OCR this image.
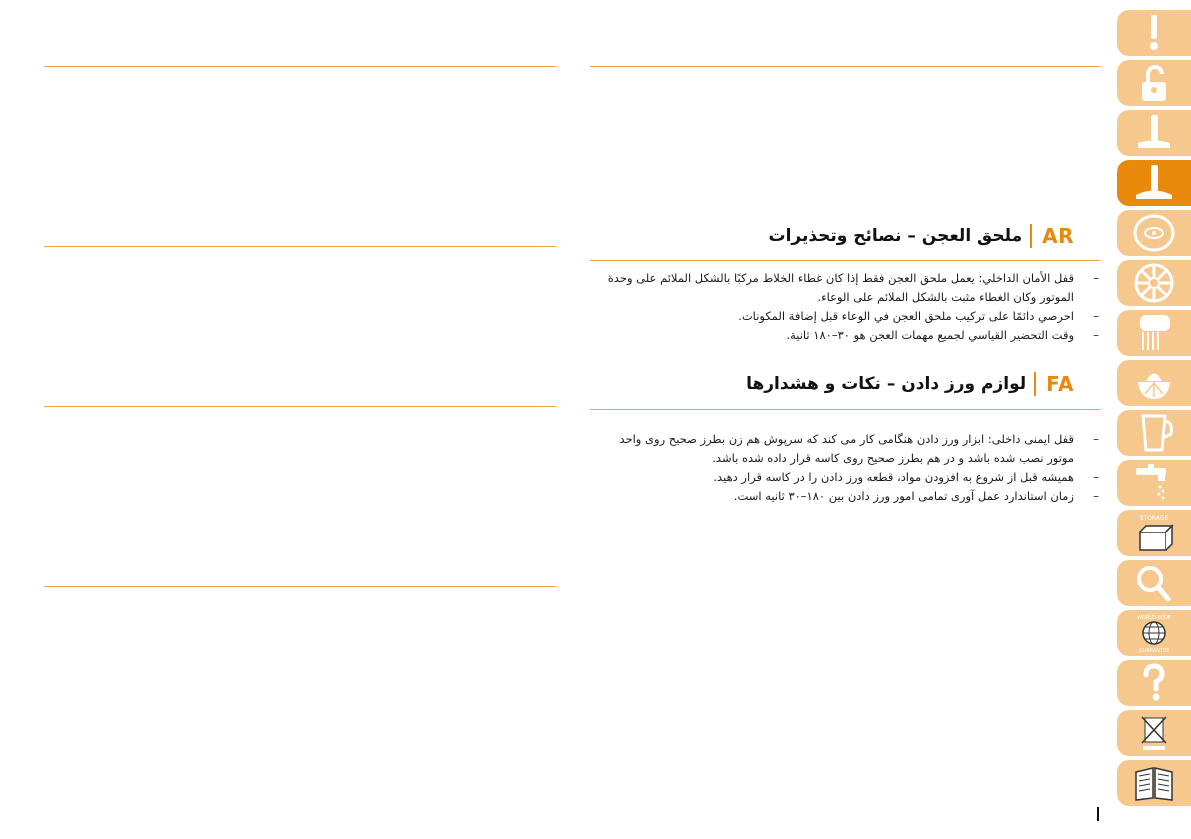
AR
ملحق العجن – نصائح وتحذيرات
– قفل الأمان الداخلي: يعمل ملحق العجن فقط إذا كان غطاء الخلاط مركبًا بالشكل الملائم على وحدة الموتور وكان الغطاء مثبت بالشكل الملائم على الوعاء.
– احرصي دائمًا على تركيب ملحق العجن في الوعاء قبل إضافة المكونات.
– وقت التحضير القياسي لجميع مهمات العجن هو ٣٠–١٨٠ ثانية.
FA
لوازم ورز دادن – نکات و هشدارها
– قفل ایمنی داخلی: ابزار ورز دادن هنگامی کار می کند که سرپوش هم زن بطرز صحیح روی واحد موتور نصب شده باشد و در هم بطرز صحیح روی کاسه قرار داده شده باشد.
– همیشه قبل از شروع به افزودن مواد، قطعه ورز دادن را در کاسه قرار دهید.
– زمان استاندارد عمل آوری تمامی امور ورز دادن بین ۱۸۰–۳۰ ثانیه است.
STORAGE
WORLD-WIDE
GUARANTEE
